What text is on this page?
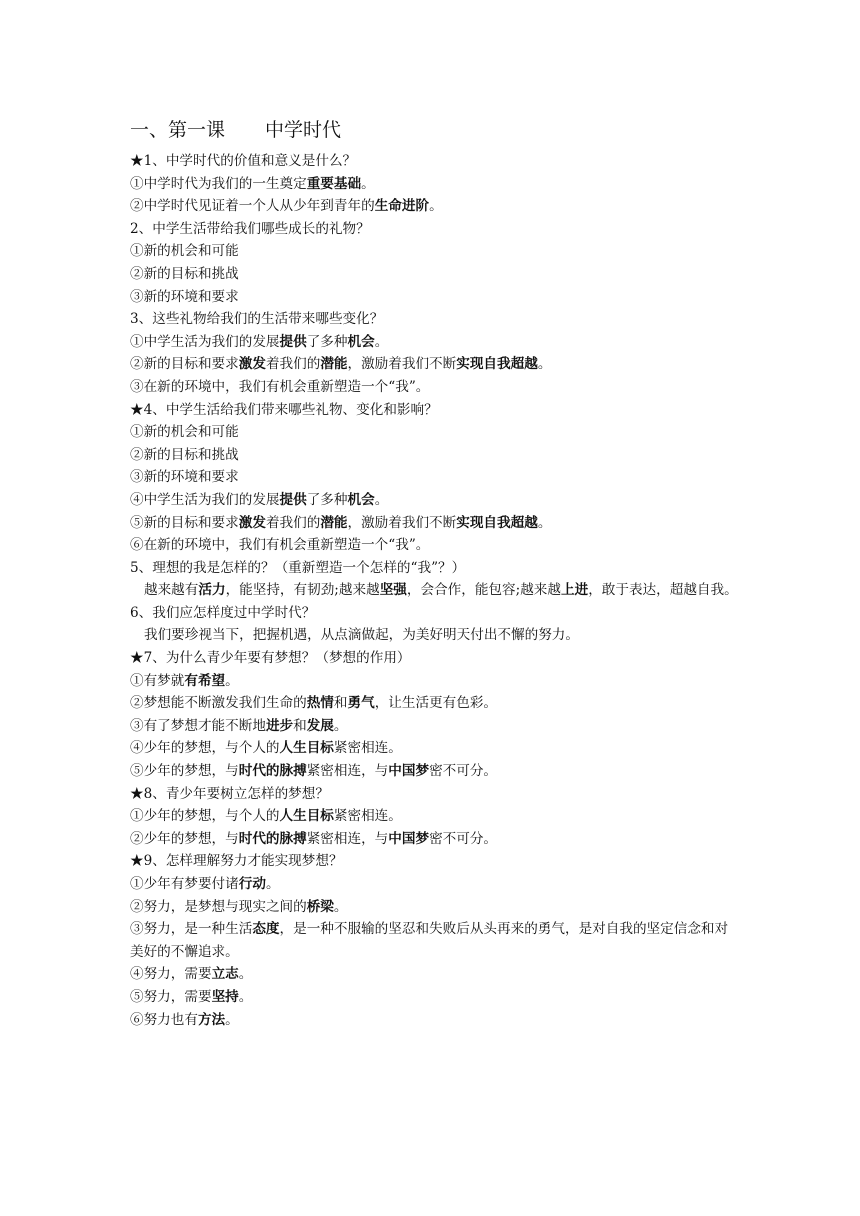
一、第一课 中学时代
★1、中学时代的价值和意义是什么？
①中学时代为我们的一生奠定重要基础。
②中学时代见证着一个人从少年到青年的生命进阶。
2、中学生活带给我们哪些成长的礼物？
①新的机会和可能
②新的目标和挑战
③新的环境和要求
3、这些礼物给我们的生活带来哪些变化？
①中学生活为我们的发展提供了多种机会。
②新的目标和要求激发着我们的潜能，激励着我们不断实现自我超越。
③在新的环境中，我们有机会重新塑造一个“我”。
★4、中学生活给我们带来哪些礼物、变化和影响？
①新的机会和可能
②新的目标和挑战
③新的环境和要求
④中学生活为我们的发展提供了多种机会。
⑤新的目标和要求激发着我们的潜能，激励着我们不断实现自我超越。
⑥在新的环境中，我们有机会重新塑造一个“我”。
5、理想的我是怎样的？（重新塑造一个怎样的“我”？）
越来越有活力，能坚持，有韧劲;越来越坚强，会合作，能包容;越来越上进，敢于表达，超越自我。
6、我们应怎样度过中学时代？
我们要珍视当下，把握机遇，从点滴做起，为美好明天付出不懈的努力。
★7、为什么青少年要有梦想？（梦想的作用）
①有梦就有希望。
②梦想能不断激发我们生命的热情和勇气，让生活更有色彩。
③有了梦想才能不断地进步和发展。
④少年的梦想，与个人的人生目标紧密相连。
⑤少年的梦想，与时代的脉搏紧密相连，与中国梦密不可分。
★8、青少年要树立怎样的梦想？
①少年的梦想，与个人的人生目标紧密相连。
②少年的梦想，与时代的脉搏紧密相连，与中国梦密不可分。
★9、怎样理解努力才能实现梦想？
①少年有梦要付诸行动。
②努力，是梦想与现实之间的桥梁。
③努力，是一种生活态度，是一种不服输的坚忍和失败后从头再来的勇气，是对自我的坚定信念和对美好的不懈追求。
④努力，需要立志。
⑤努力，需要坚持。
⑥努力也有方法。
